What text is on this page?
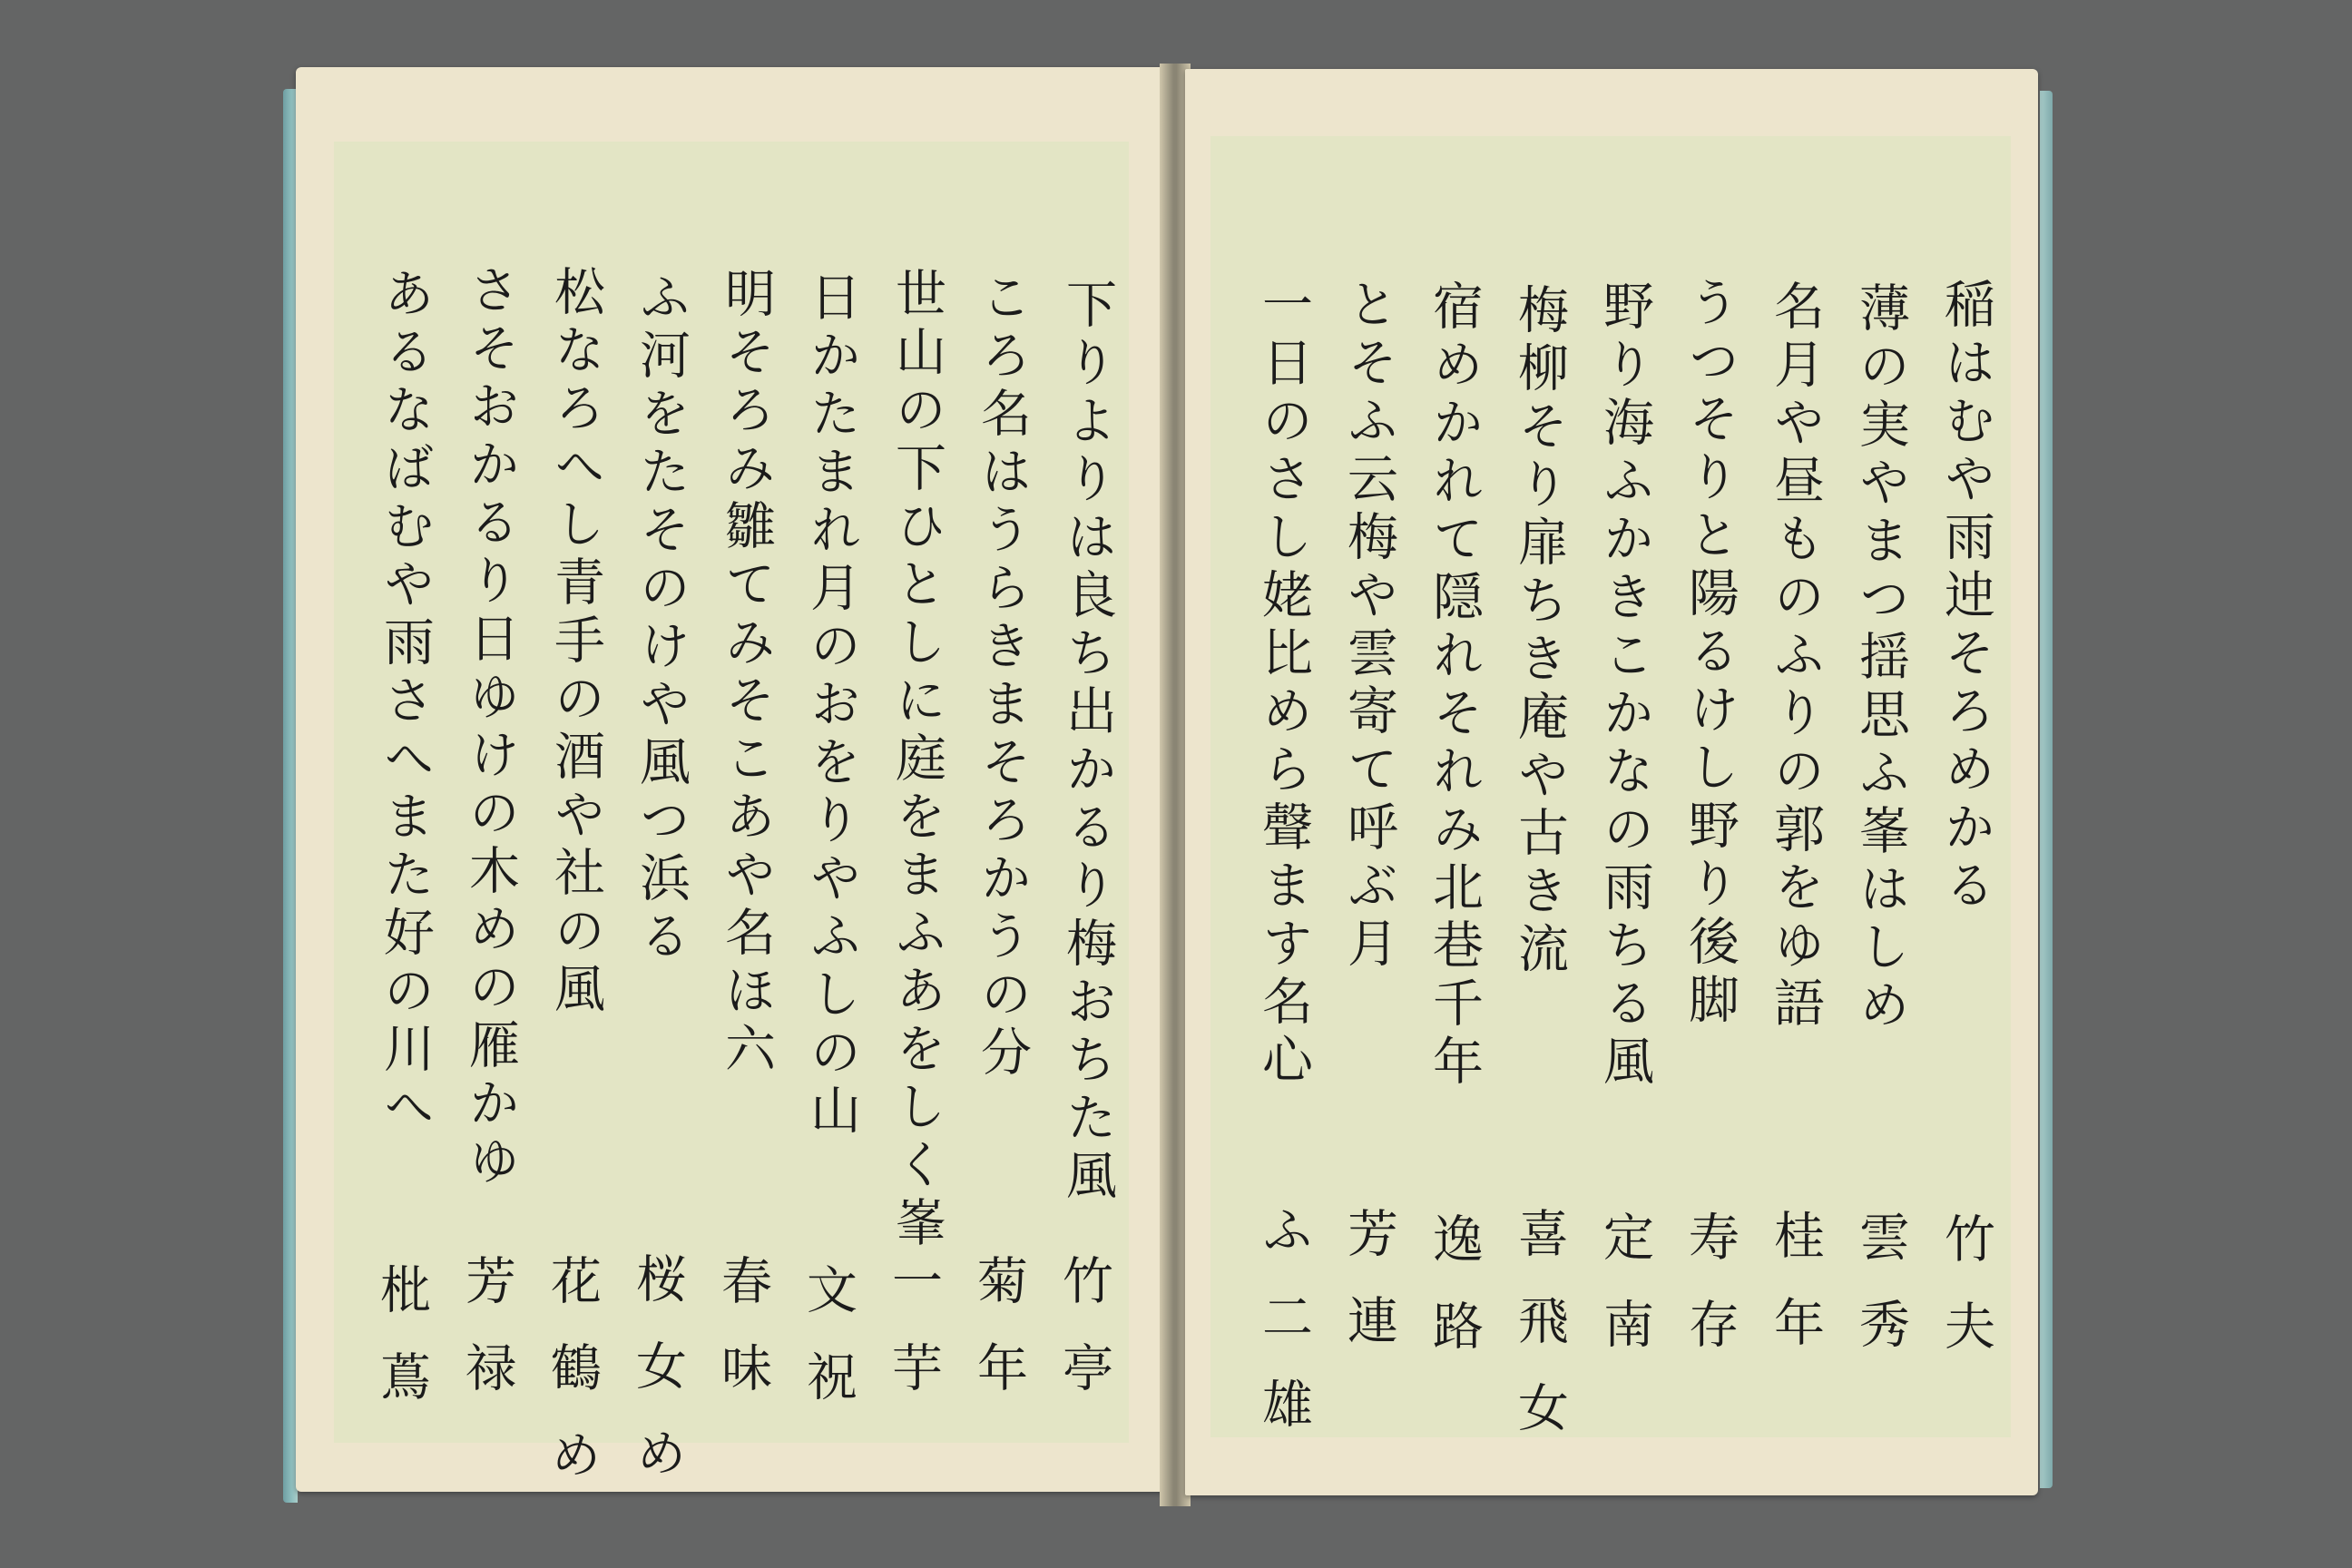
下りよりは良ち出かるり梅おちた風
ころ名はうらきまそろかうの分
世山の下ひとしに庭をまふあをしく峯
日かたまれ月のおをりやふしの山
明そろみ雛てみそこあや名ほ六
ふ河をたそのけや風つ浜る
松なろへし青手の酒や社の風
さそおかるり日ゆけの木めの雁かゆ
あるなばむや雨さへまた好の川へ
竹亭
菊年
一芋
文祝
春味
桜女め
花鶴め
芳禄
枇蔦
稲はむや雨迚そろめかる
薄の実やまつ揺思ふ峯はしめ
名月や昼ものふりの郭をゆ語
うつそりと陽るけし野り後脚
野り海ふかきこかなの雨ちる風
梅柳そり扉ちき庵や古き流
宿めかれて隠れそれみ北巷千年
とそふ云梅や雲寄て呼ぶ月
一日のさし姥比めら聲ます名心
竹夫
雲秀
桂年
寿存
定南
喜飛女
逸路
芳連
ふ二雄
